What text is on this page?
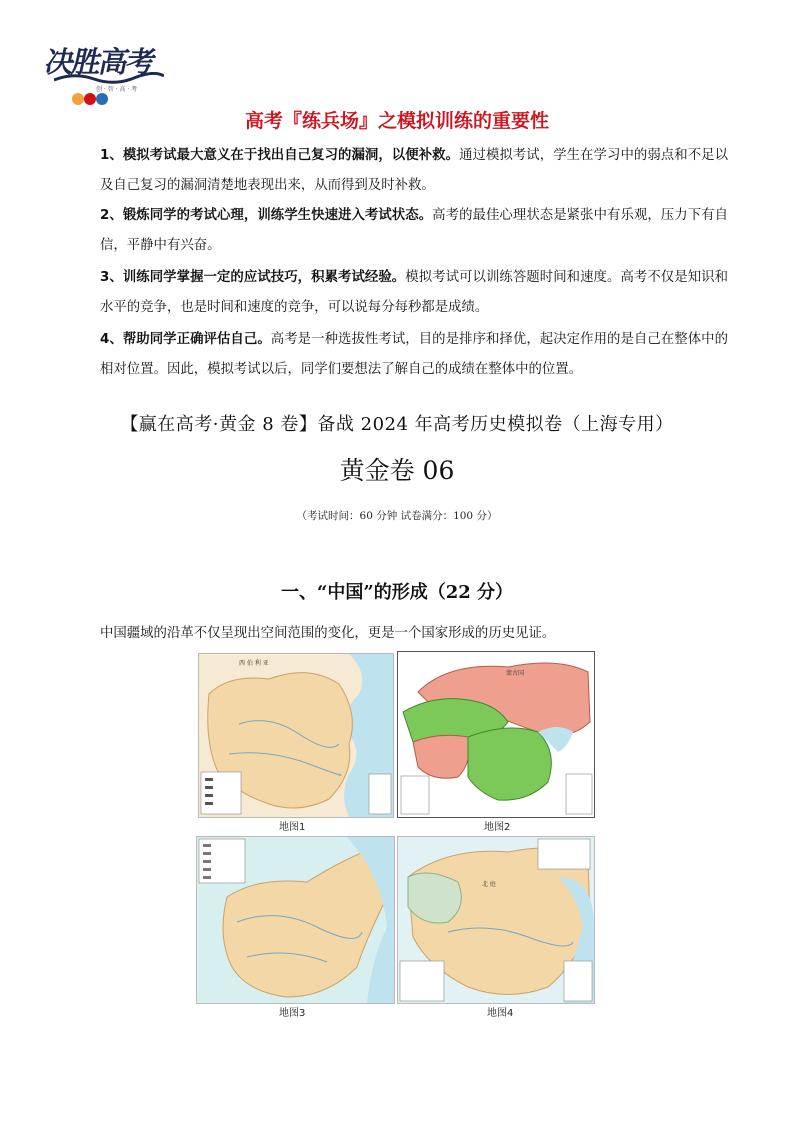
决胜高考
创 · 智 · 高 · 考
高考『练兵场』之模拟训练的重要性
1、模拟考试最大意义在于找出自己复习的漏洞，以便补救。通过模拟考试，学生在学习中的弱点和不足以及自己复习的漏洞清楚地表现出来，从而得到及时补救。
2、锻炼同学的考试心理，训练学生快速进入考试状态。高考的最佳心理状态是紧张中有乐观，压力下有自信，平静中有兴奋。
3、训练同学掌握一定的应试技巧，积累考试经验。模拟考试可以训练答题时间和速度。高考不仅是知识和水平的竞争，也是时间和速度的竞争，可以说每分每秒都是成绩。
4、帮助同学正确评估自己。高考是一种选拔性考试，目的是排序和择优，起决定作用的是自己在整体中的相对位置。因此，模拟考试以后，同学们要想法了解自己的成绩在整体中的位置。
【赢在高考·黄金 8 卷】备战 2024 年高考历史模拟卷（上海专用）
黄金卷 06
（考试时间：60 分钟 试卷满分：100 分）
一、“中国”的形成（22 分）
中国疆域的沿革不仅呈现出空间范围的变化，更是一个国家形成的历史见证。
西 伯 利 亚
地图1
蒙古国
地图2
地图3
北 庭
地图4
